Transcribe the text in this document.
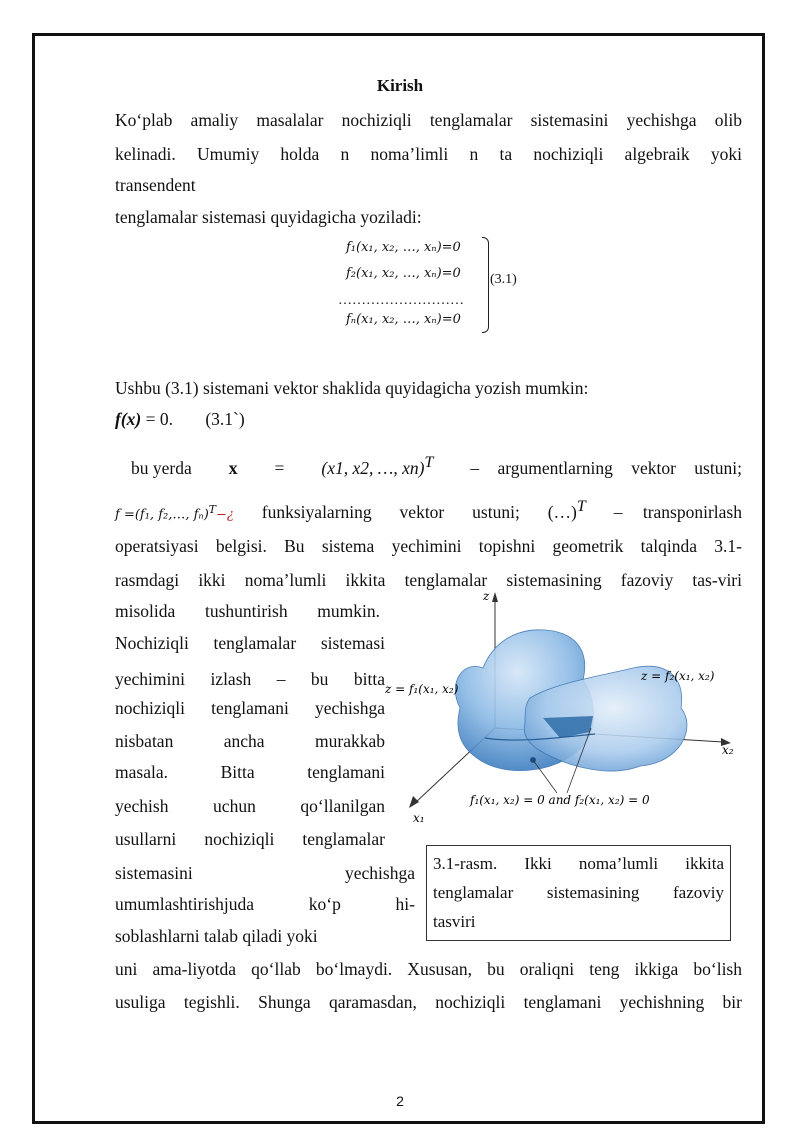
Kirish
Ko‘plab amaliy masalalar nochiziqli tenglamalar sistemasini yechishga olib
kelinadi. Umumiy holda n noma’limli n ta nochiziqli algebraik yoki
transendent
tenglamalar sistemasi quyidagicha yoziladi:
f₁(x₁, x₂, …, xₙ)=0
f₂(x₁, x₂, …, xₙ)=0
………………………
fₙ(x₁, x₂, …, xₙ)=0
(3.1)
Ushbu (3.1) sistemani vektor shaklida quyidagicha yozish mumkin:
f(x) = 0. (3.1`)
bu yerda x = (x1, x2, …, xn)$^T$ – argumentlarning vektor ustuni;
f =(f₁, f₂,…, fₙ)$^T$−¿ funksiyalarning vektor ustuni; (…)$^T$ – transponirlash
operatsiyasi belgisi. Bu sistema yechimini topishni geometrik talqinda 3.1-
rasmdagi ikki noma’lumli ikkita tenglamalar sistemasining fazoviy tas-viri
misolida tushuntirish mumkin.
Nochiziqli tenglamalar sistemasi
yechimini izlash – bu bitta
nochiziqli tenglamani yechishga
nisbatan ancha murakkab
masala. Bitta tenglamani
yechish uchun qo‘llanilgan
usullarni nochiziqli tenglamalar
sistemasini yechishga
umumlashtirishjuda ko‘p hi-
soblashlarni talab qiladi yoki
z
x₁
x₂
z = f₁(x₁, x₂)
z = f₂(x₁, x₂)
f₁(x₁, x₂) = 0 and f₂(x₁, x₂) = 0
3.1-rasm. Ikki noma’lumli ikkita
tenglamalar sistemasining fazoviy
tasviri
uni ama-liyotda qo‘llab bo‘lmaydi. Xususan, bu oraliqni teng ikkiga bo‘lish
usuliga tegishli. Shunga qaramasdan, nochiziqli tenglamani yechishning bir
2
